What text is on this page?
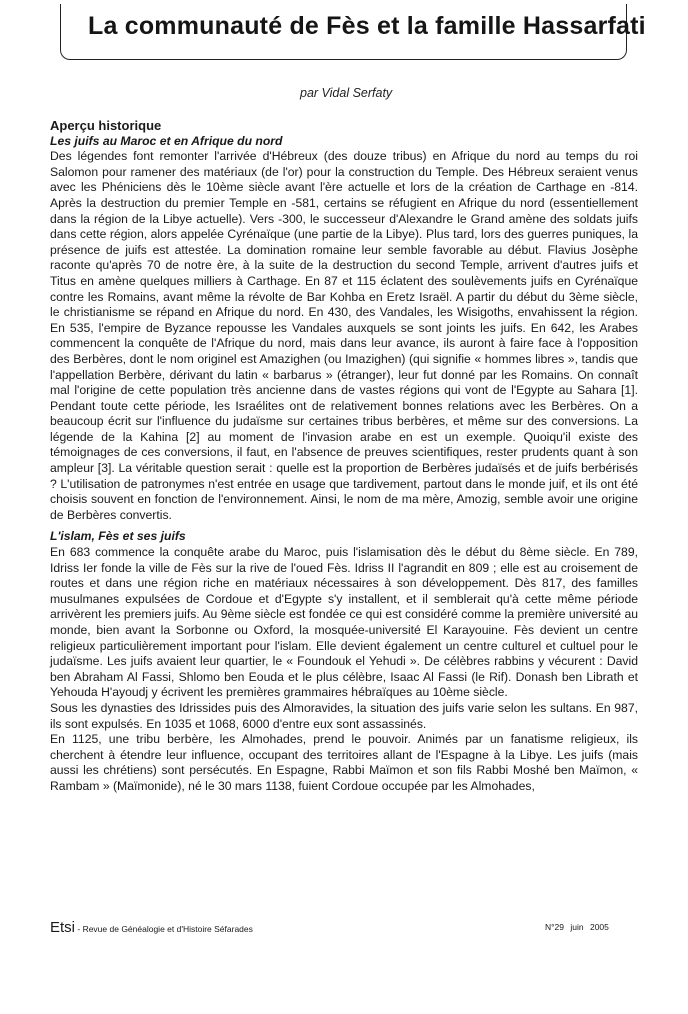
La communauté de Fès et la famille Hassarfati
par Vidal Serfaty

Aperçu historique

Les juifs au Maroc et en Afrique du nord

Des légendes font remonter l'arrivée d'Hébreux (des douze tribus) en Afrique du nord au temps du roi Salomon pour ramener des matériaux (de l'or) pour la construction du Temple. Des Hébreux seraient venus avec les Phéniciens dès le 10ème siècle avant l'ère actuelle et lors de la création de Carthage en -814. Après la destruction du premier Temple en -581, certains se réfugient en Afrique du nord (essentiellement dans la région de la Libye actuelle). Vers -300, le successeur d'Alexandre le Grand amène des soldats juifs dans cette région, alors appelée Cyrénaïque (une partie de la Libye). Plus tard, lors des guerres puniques, la présence de juifs est attestée. La domination romaine leur semble favorable au début. Flavius Josèphe raconte qu'après 70 de notre ère, à la suite de la destruction du second Temple, arrivent d'autres juifs et Titus en amène quelques milliers à Carthage. En 87 et 115 éclatent des soulèvements juifs en Cyrénaïque contre les Romains, avant même la révolte de Bar Kohba en Eretz Israël. A partir du début du 3ème siècle, le christianisme se répand en Afrique du nord. En 430, des Vandales, les Wisigoths, envahissent la région. En 535, l'empire de Byzance repousse les Vandales auxquels se sont joints les juifs. En 642, les Arabes commencent la conquête de l'Afrique du nord, mais dans leur avance, ils auront à faire face à l'opposition des Berbères, dont le nom originel est Amazighen (ou Imazighen) (qui signifie « hommes libres », tandis que l'appellation Berbère, dérivant du latin « barbarus » (étranger), leur fut donné par les Romains. On connaît mal l'origine de cette population très ancienne dans de vastes régions qui vont de l'Egypte au Sahara [1]. Pendant toute cette période, les Israélites ont de relativement bonnes relations avec les Berbères. On a beaucoup écrit sur l'influence du judaïsme sur certaines tribus berbères, et même sur des conversions. La légende de la Kahina [2] au moment de l'invasion arabe en est un exemple. Quoiqu'il existe des témoignages de ces conversions, il faut, en l'absence de preuves scientifiques, rester prudents quant à son ampleur [3]. La véritable question serait : quelle est la proportion de Berbères judaïsés et de juifs berbérisés ? L'utilisation de patronymes n'est entrée en usage que tardivement, partout dans le monde juif, et ils ont été choisis souvent en fonction de l'environnement. Ainsi, le nom de ma mère, Amozig, semble avoir une origine de Berbères convertis.

L'islam, Fès et ses juifs

En 683 commence la conquête arabe du Maroc, puis l'islamisation dès le début du 8ème siècle. En 789, Idriss Ier fonde la ville de Fès sur la rive de l'oued Fès. Idriss II l'agrandit en 809 ; elle est au croisement de routes et dans une région riche en matériaux nécessaires à son développement. Dès 817, des familles musulmanes expulsées de Cordoue et d'Egypte s'y installent, et il semblerait qu'à cette même période arrivèrent les premiers juifs. Au 9ème siècle est fondée ce qui est considéré comme la première université au monde, bien avant la Sorbonne ou Oxford, la mosquée-université El Karayouine. Fès devient un centre religieux particulièrement important pour l'islam. Elle devient également un centre culturel et cultuel pour le judaïsme. Les juifs avaient leur quartier, le « Foundouk el Yehudi ». De célèbres rabbins y vécurent : David ben Abraham Al Fassi, Shlomo ben Eouda et le plus célèbre, Isaac Al Fassi (le Rif). Donash ben Librath et Yehouda H'ayoudj y écrivent les premières grammaires hébraïques au 10ème siècle.

Sous les dynasties des Idrissides puis des Almoravides, la situation des juifs varie selon les sultans. En 987, ils sont expulsés. En 1035 et 1068, 6000 d'entre eux sont assassinés.

En 1125, une tribu berbère, les Almohades, prend le pouvoir. Animés par un fanatisme religieux, ils cherchent à étendre leur influence, occupant des territoires allant de l'Espagne à la Libye. Les juifs (mais aussi les chrétiens) sont persécutés. En Espagne, Rabbi Maïmon et son fils Rabbi Moshé ben Maïmon, « Rambam » (Maïmonide), né le 30 mars 1138, fuient Cordoue occupée par les Almohades,

Etsi - Revue de Généalogie et d'Histoire Séfarades	N°29 juin 2005
